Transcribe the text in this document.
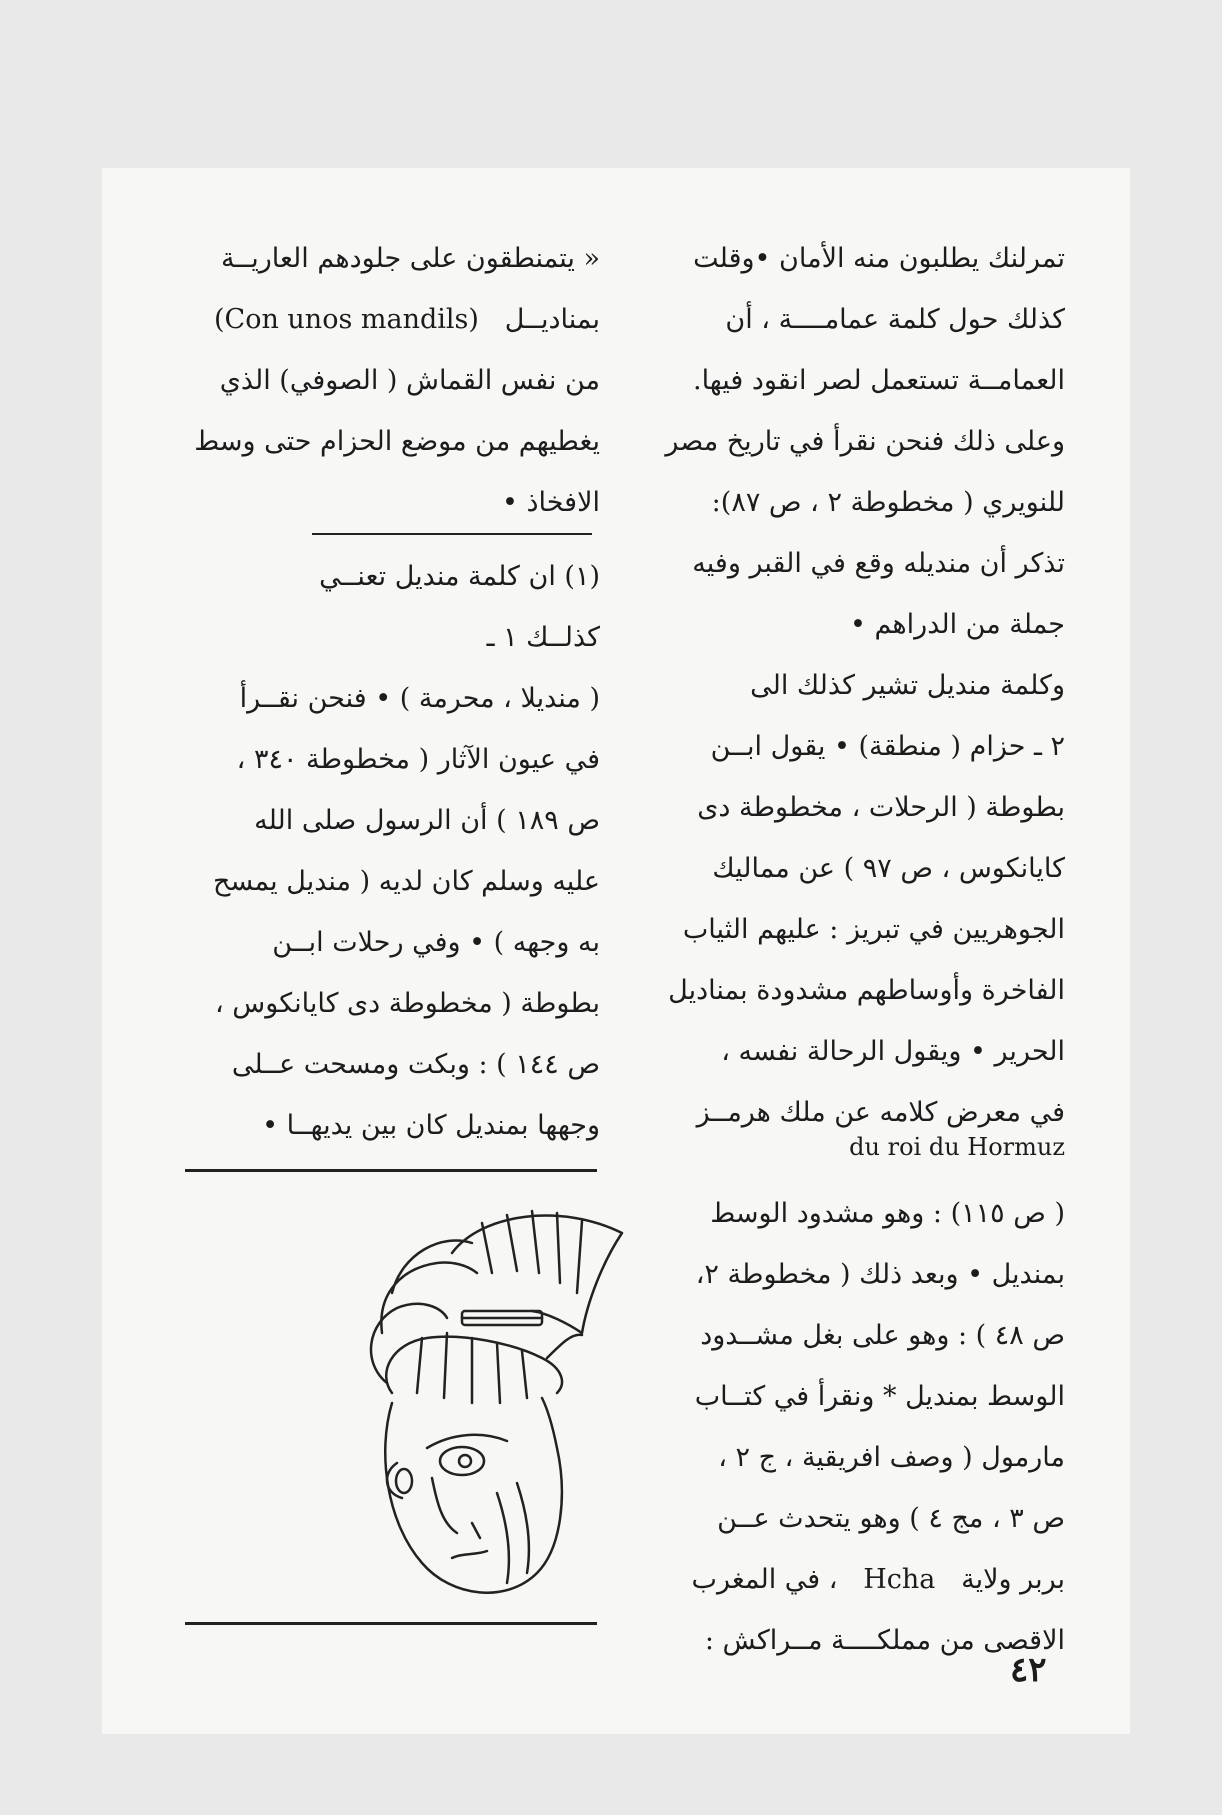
تمرلنك يطلبون منه الأمان •وقلت
كذلك حول كلمة عمامــــة ، أن
العمامــة تستعمل لصر انقود فيها.
وعلى ذلك فنحن نقرأ في تاريخ مصر
للنويري ( مخطوطة ٢ ، ص ٨٧):
تذكر أن منديله وقع في القبر وفيه
جملة من الدراهم •
وكلمة منديل تشير كذلك الى
٢ ـ حزام ( منطقة) • يقول ابــن
بطوطة ( الرحلات ، مخطوطة دى
كايانكوس ، ص ٩٧ ) عن مماليك
الجوهريين في تبريز : عليهم الثياب
الفاخرة وأوساطهم مشدودة بمناديل
الحرير • ويقول الرحالة نفسه ،
في معرض كلامه عن ملك هرمــز
du roi du Hormuz
( ص ١١٥) : وهو مشدود الوسط
بمنديل • وبعد ذلك ( مخطوطة ٢،
ص ٤٨ ) : وهو على بغل مشــدود
الوسط بمنديل * ونقرأ في كتــاب
مارمول ( وصف افريقية ، ج ٢ ،
ص ٣ ، مج ٤ ) وهو يتحدث عــن
بربر ولاية   Hcha   ، في المغرب
الاقصى من مملكــــة مــراكش :
« يتمنطقون على جلودهم العاريــة
بمناديــل   (Con unos mandils)
من نفس القماش ( الصوفي) الذي
يغطيهم من موضع الحزام حتى وسط
الافخاذ •
(١) ان كلمة منديل تعنــي
كذلــك ١ ـ
( منديلا ، محرمة ) • فنحن نقــرأ
في عيون الآثار ( مخطوطة ٣٤٠ ،
ص ١٨٩ ) أن الرسول صلى الله
عليه وسلم كان لديه ( منديل يمسح
به وجهه ) • وفي رحلات ابــن
بطوطة ( مخطوطة دى كايانكوس ،
ص ١٤٤ ) : وبكت ومسحت عــلى
وجهها بمنديل كان بين يديهــا •
٤٢
